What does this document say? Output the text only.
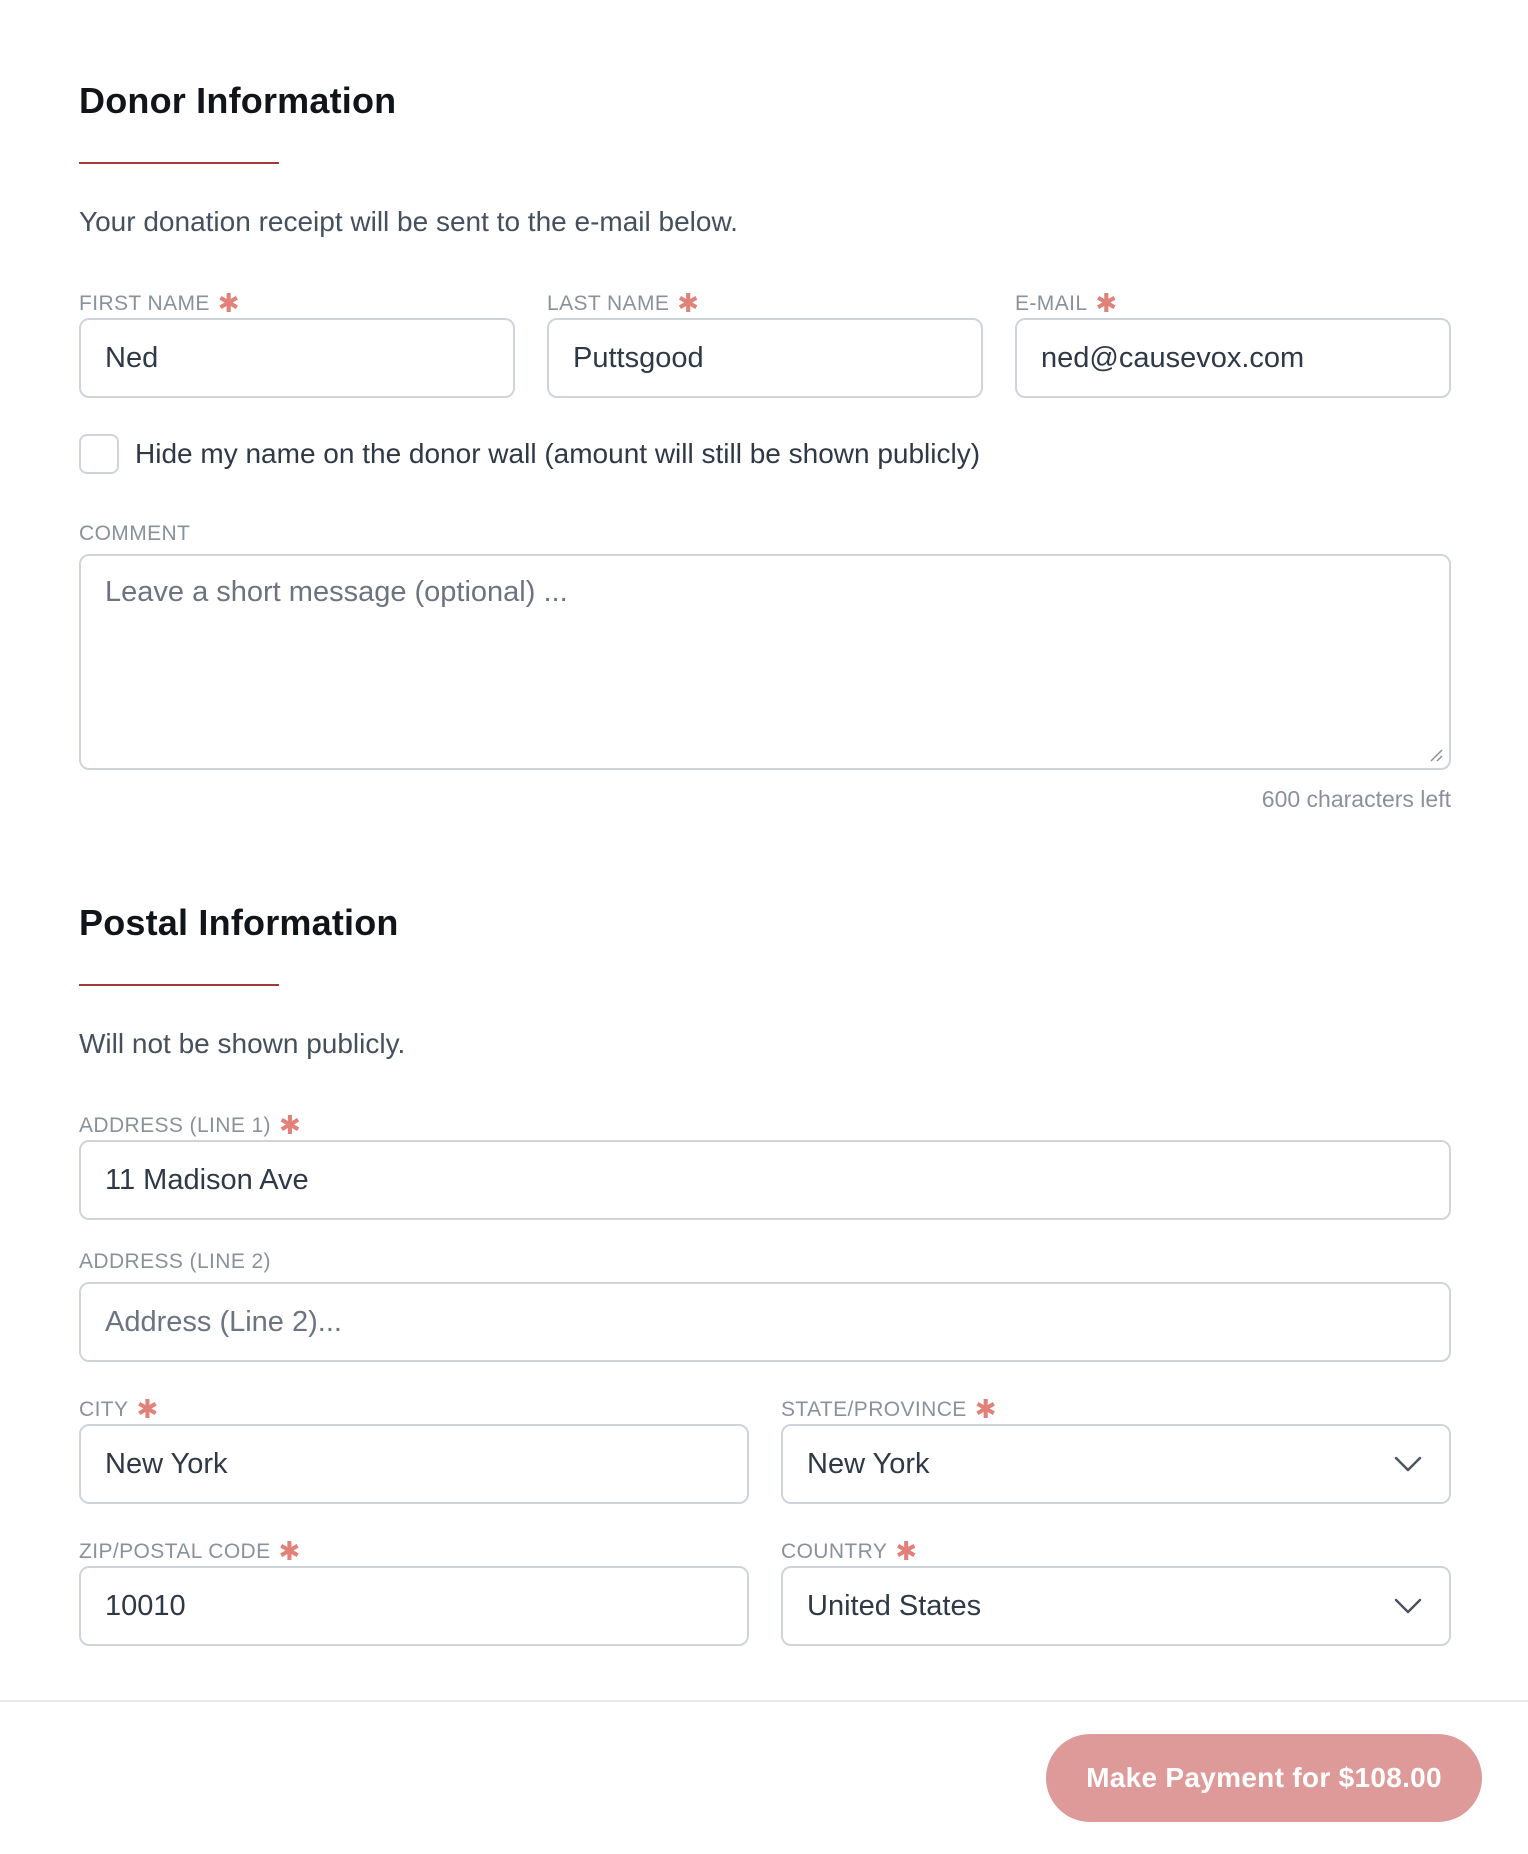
Donor Information

Your donation receipt will be sent to the e-mail below.

FIRST NAME ✱
Ned
LAST NAME ✱
Puttsgood
E-MAIL ✱
ned@causevox.com
Hide my name on the donor wall (amount will still be shown publicly)
COMMENT
Leave a short message (optional) ...
600 characters left
Postal Information

Will not be shown publicly.

ADDRESS (LINE 1) ✱
11 Madison Ave
ADDRESS (LINE 2)
Address (Line 2)...
CITY ✱
New York
STATE/PROVINCE ✱
New York
ZIP/POSTAL CODE ✱
10010
COUNTRY ✱
United States
Make Payment for $108.00
